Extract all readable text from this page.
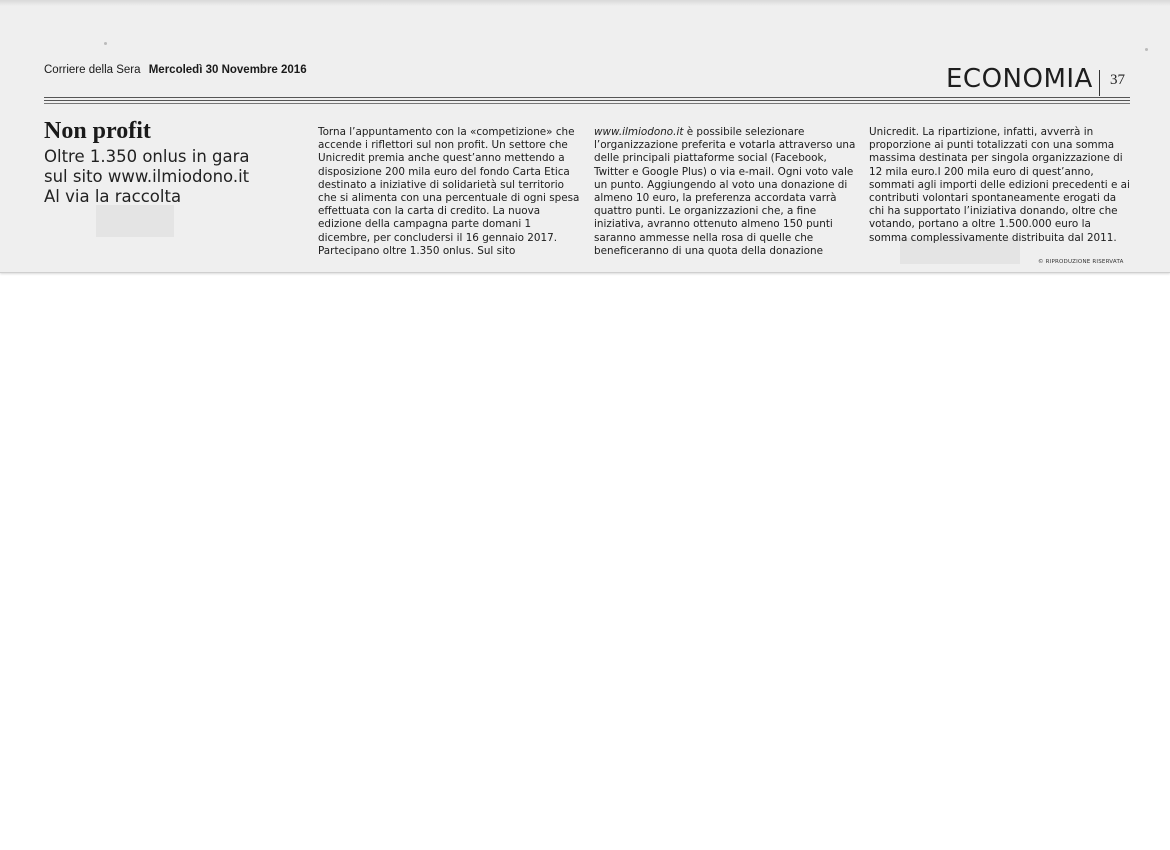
Corriere della Sera Mercoledì 30 Novembre 2016	ECONOMIA 37
Non profit
Oltre 1.350 onlus in gara
sul sito www.ilmiodono.it
Al via la raccolta

Torna l’appuntamento con la «competizione» che accende i riflettori sul non profit. Un settore che Unicredit premia anche quest’anno mettendo a disposizione 200 mila euro del fondo Carta Etica destinato a iniziative di solidarietà sul territorio che si alimenta con una percentuale di ogni spesa effettuata con la carta di credito. La nuova edizione della campagna parte domani 1 dicembre, per concludersi il 16 gennaio 2017. Partecipano oltre 1.350 onlus. Sul sito

www.ilmiodono.it è possibile selezionare l’organizzazione preferita e votarla attraverso una delle principali piattaforme social (Facebook, Twitter e Google Plus) o via e-mail. Ogni voto vale un punto. Aggiungendo al voto una donazione di almeno 10 euro, la preferenza accordata varrà quattro punti. Le organizzazioni che, a fine iniziativa, avranno ottenuto almeno 150 punti saranno ammesse nella rosa di quelle che beneficeranno di una quota della donazione

Unicredit. La ripartizione, infatti, avverrà in proporzione ai punti totalizzati con una somma massima destinata per singola organizzazione di 12 mila euro.I 200 mila euro di quest’anno, sommati agli importi delle edizioni precedenti e ai contributi volontari spontaneamente erogati da chi ha supportato l’iniziativa donando, oltre che votando, portano a oltre 1.500.000 euro la somma complessivamente distribuita dal 2011.

© RIPRODUZIONE RISERVATA
